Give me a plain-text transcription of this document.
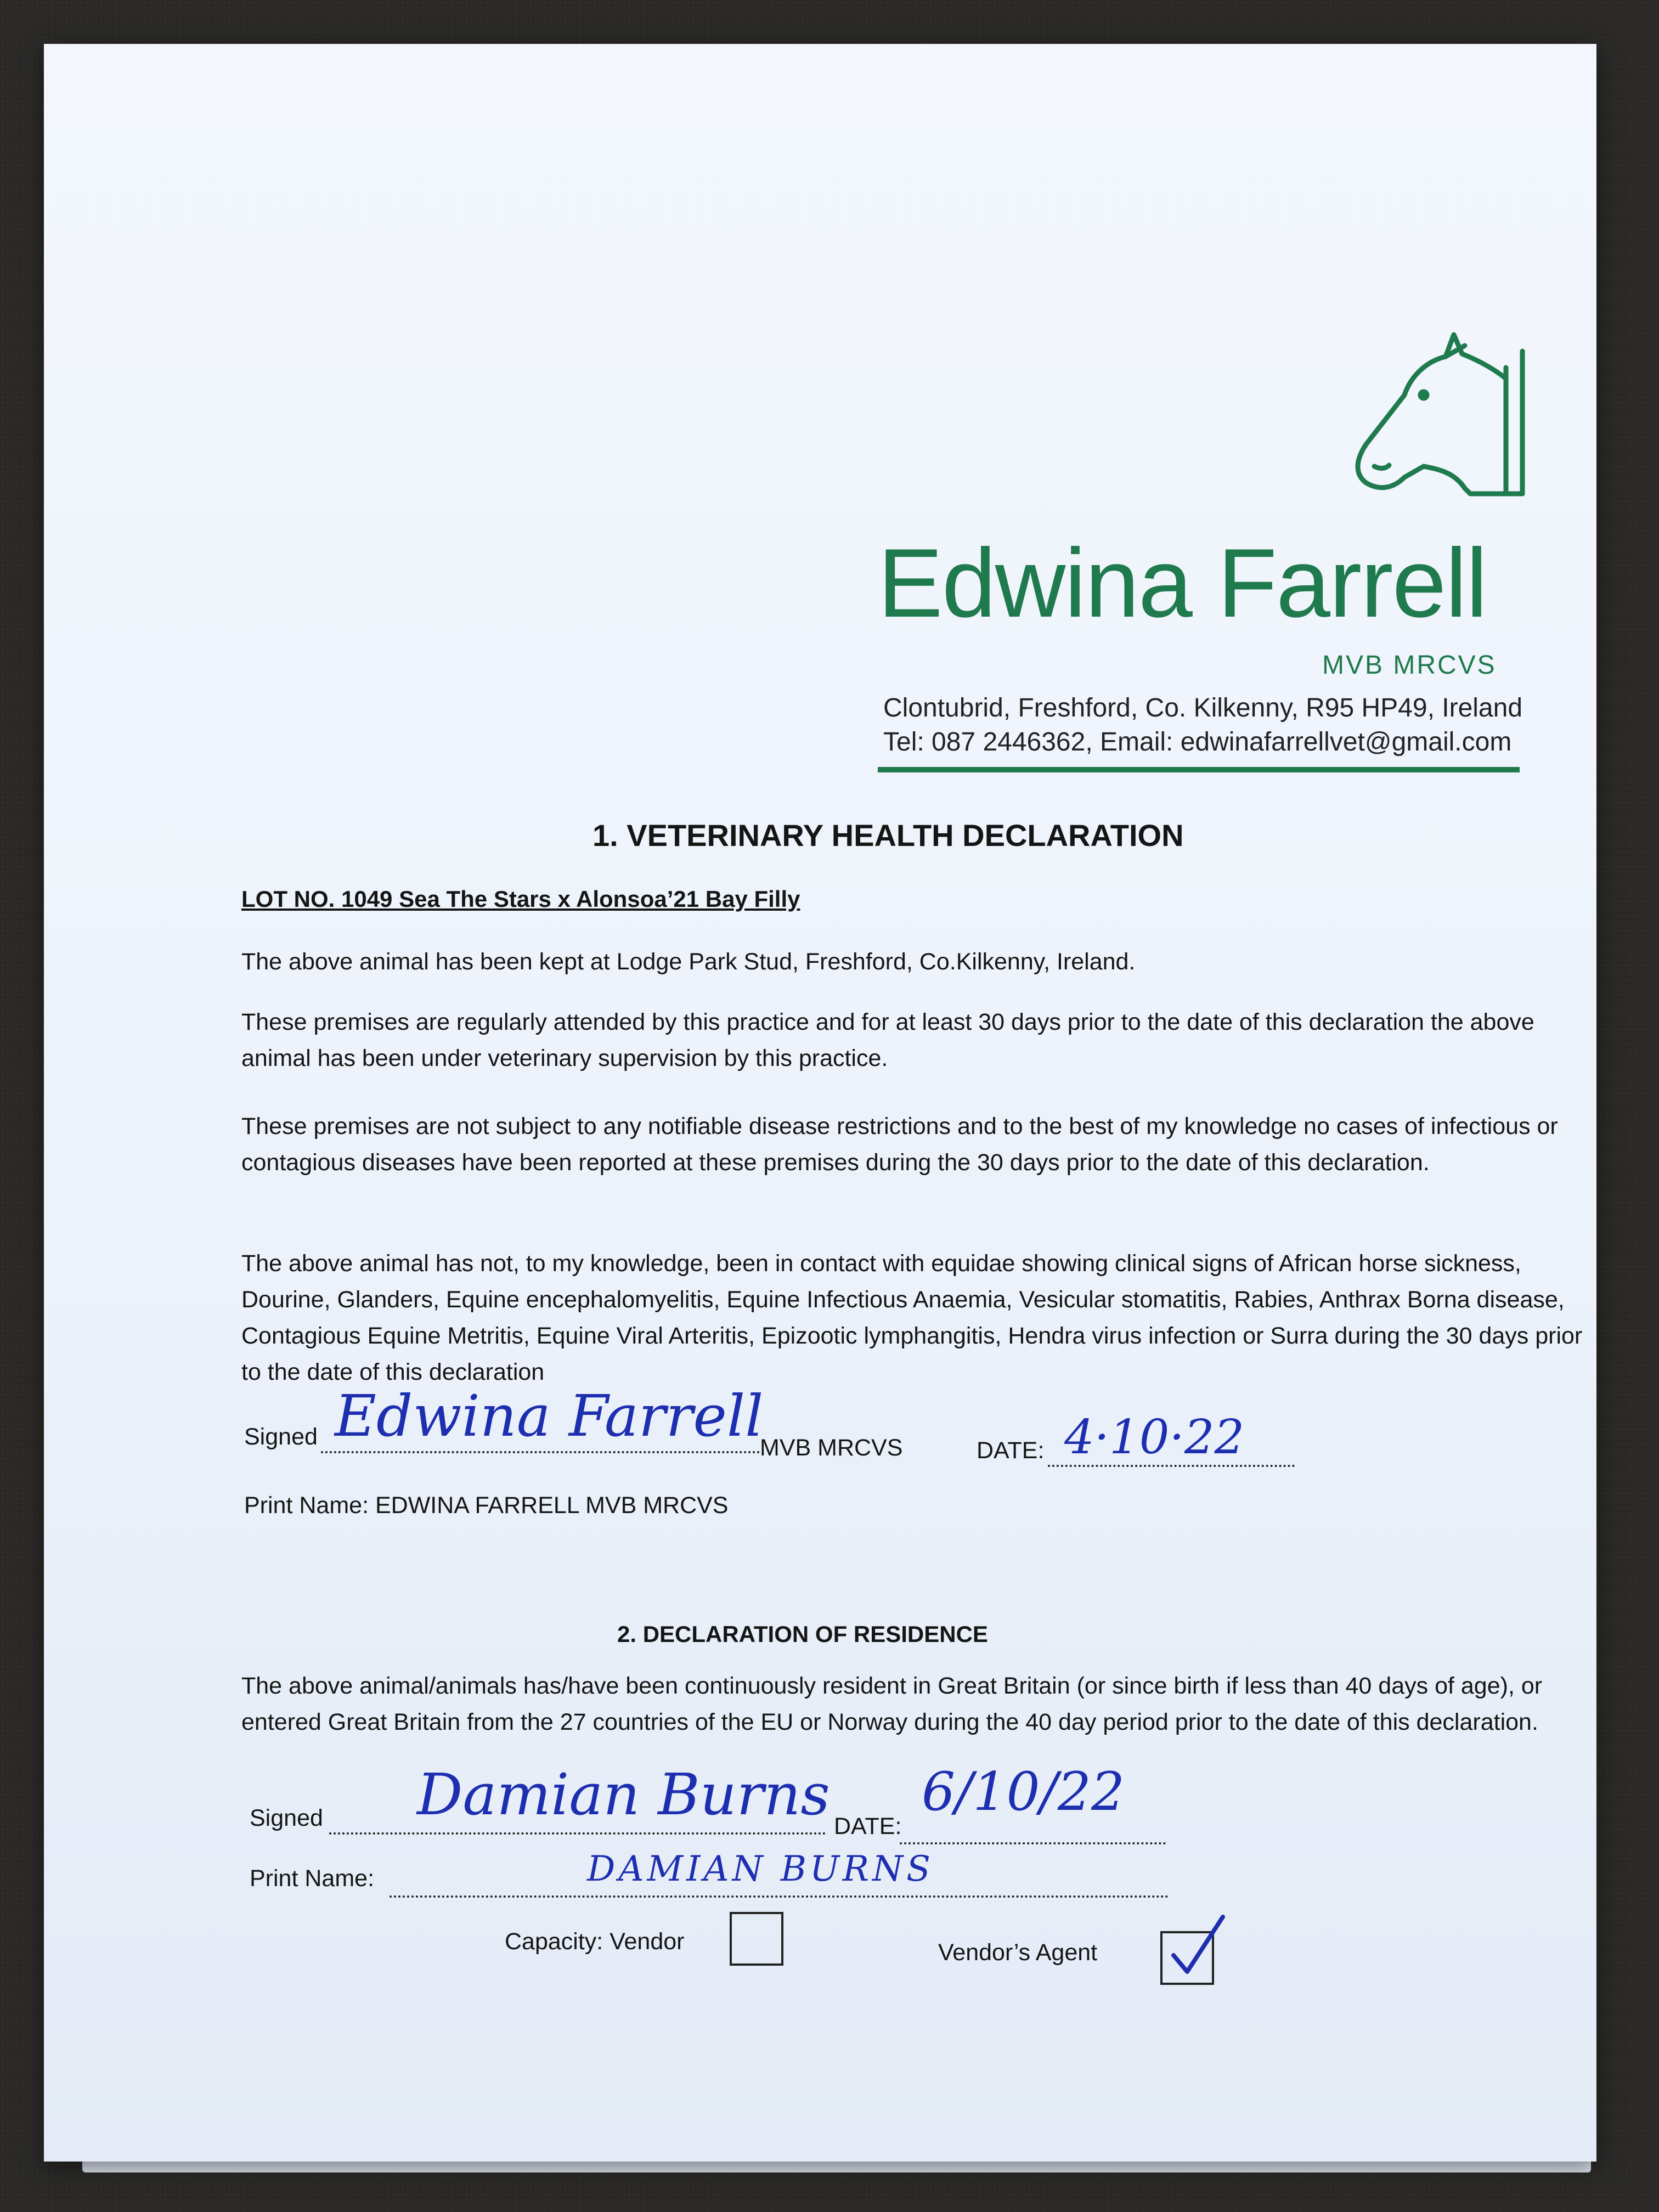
Edwina Farrell
MVB MRCVS
Clontubrid, Freshford, Co. Kilkenny, R95 HP49, Ireland
Tel: 087 2446362, Email: edwinafarrellvet@gmail.com
1. VETERINARY HEALTH DECLARATION
LOT NO. 1049 Sea The Stars x Alonsoa’21 Bay Filly
The above animal has been kept at Lodge Park Stud, Freshford, Co.Kilkenny, Ireland.
These premises are regularly attended by this practice and for at least 30 days prior to the date of this declaration the above animal has been under veterinary supervision by this practice.
These premises are not subject to any notifiable disease restrictions and to the best of my knowledge no cases of infectious or contagious diseases have been reported at these premises during the 30 days prior to the date of this declaration.
The above animal has not, to my knowledge, been in contact with equidae showing clinical signs of African horse sickness, Dourine, Glanders, Equine encephalomyelitis, Equine Infectious Anaemia, Vesicular stomatitis, Rabies, Anthrax Borna disease, Contagious Equine Metritis, Equine Viral Arteritis, Epizootic lymphangitis, Hendra virus infection or Surra during the 30 days prior to the date of this declaration
Signed Edwina Farrell
MVB MRCVS	DATE: 4·10·22
Print Name: EDWINA FARRELL MVB MRCVS
2. DECLARATION OF RESIDENCE
The above animal/animals has/have been continuously resident in Great Britain (or since birth if less than 40 days of age), or entered Great Britain from the 27 countries of the EU or Norway during the 40 day period prior to the date of this declaration.
Signed Damian Burns DATE:
6/10/22
Print Name:	DAMIAN BURNS
Capacity: Vendor	Vendor’s Agent
